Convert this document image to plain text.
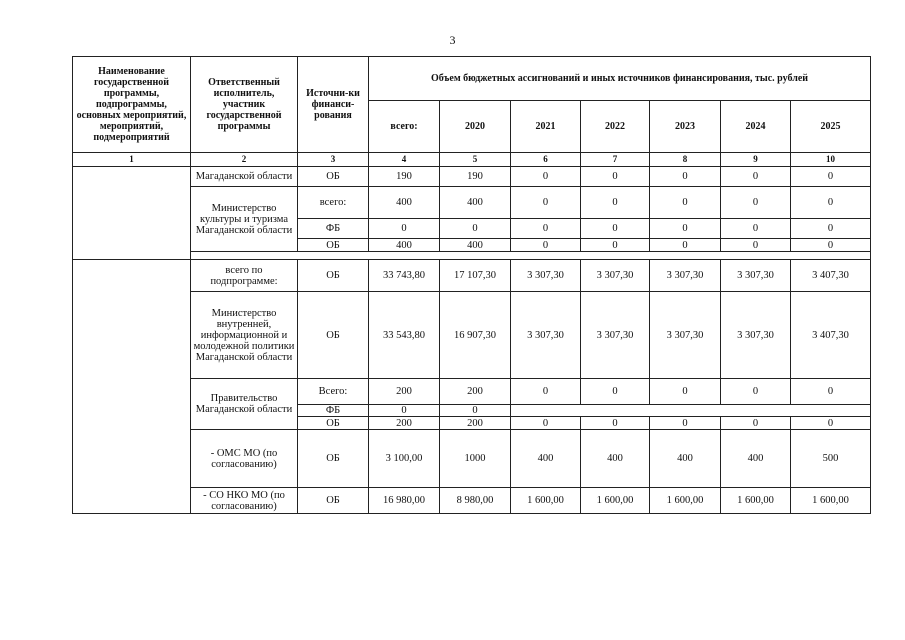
3
Наименование государственной программы, подпрограммы, основных мероприятий, мероприятий, подмероприятий	Ответственный исполнитель, участник государственной программы	Источни-ки финанси-рования	Объем бюджетных ассигнований и иных источников финансирования, тыс. рублей						
			всего:	2020	2021	2022	2023	2024	2025
1	2	3	4	5	6	7	8	9	10
	Магаданской области	ОБ	190	190	0	0	0	0	0
	Министерство культуры и туризма Магаданской области	всего:	400	400	0	0	0	0	0
		ФБ	0	0	0	0	0	0	0
		ОБ	400	400	0	0	0	0	0

	всего по подпрограмме:	ОБ	33 743,80	17 107,30	3 307,30	3 307,30	3 307,30	3 307,30	3 407,30
	Министерство внутренней, информационной и молодежной политики Магаданской области	ОБ	33 543,80	16 907,30	3 307,30	3 307,30	3 307,30	3 307,30	3 407,30
	Правительство Магаданской области	Всего:	200	200	0	0	0	0	0
		ФБ	0	0					
		ОБ	200	200	0	0	0	0	0
	- ОМС МО (по согласованию)	ОБ	3 100,00	1000	400	400	400	400	500
	- СО НКО МО (по согласованию)	ОБ	16 980,00	8 980,00	1 600,00	1 600,00	1 600,00	1 600,00	1 600,00
